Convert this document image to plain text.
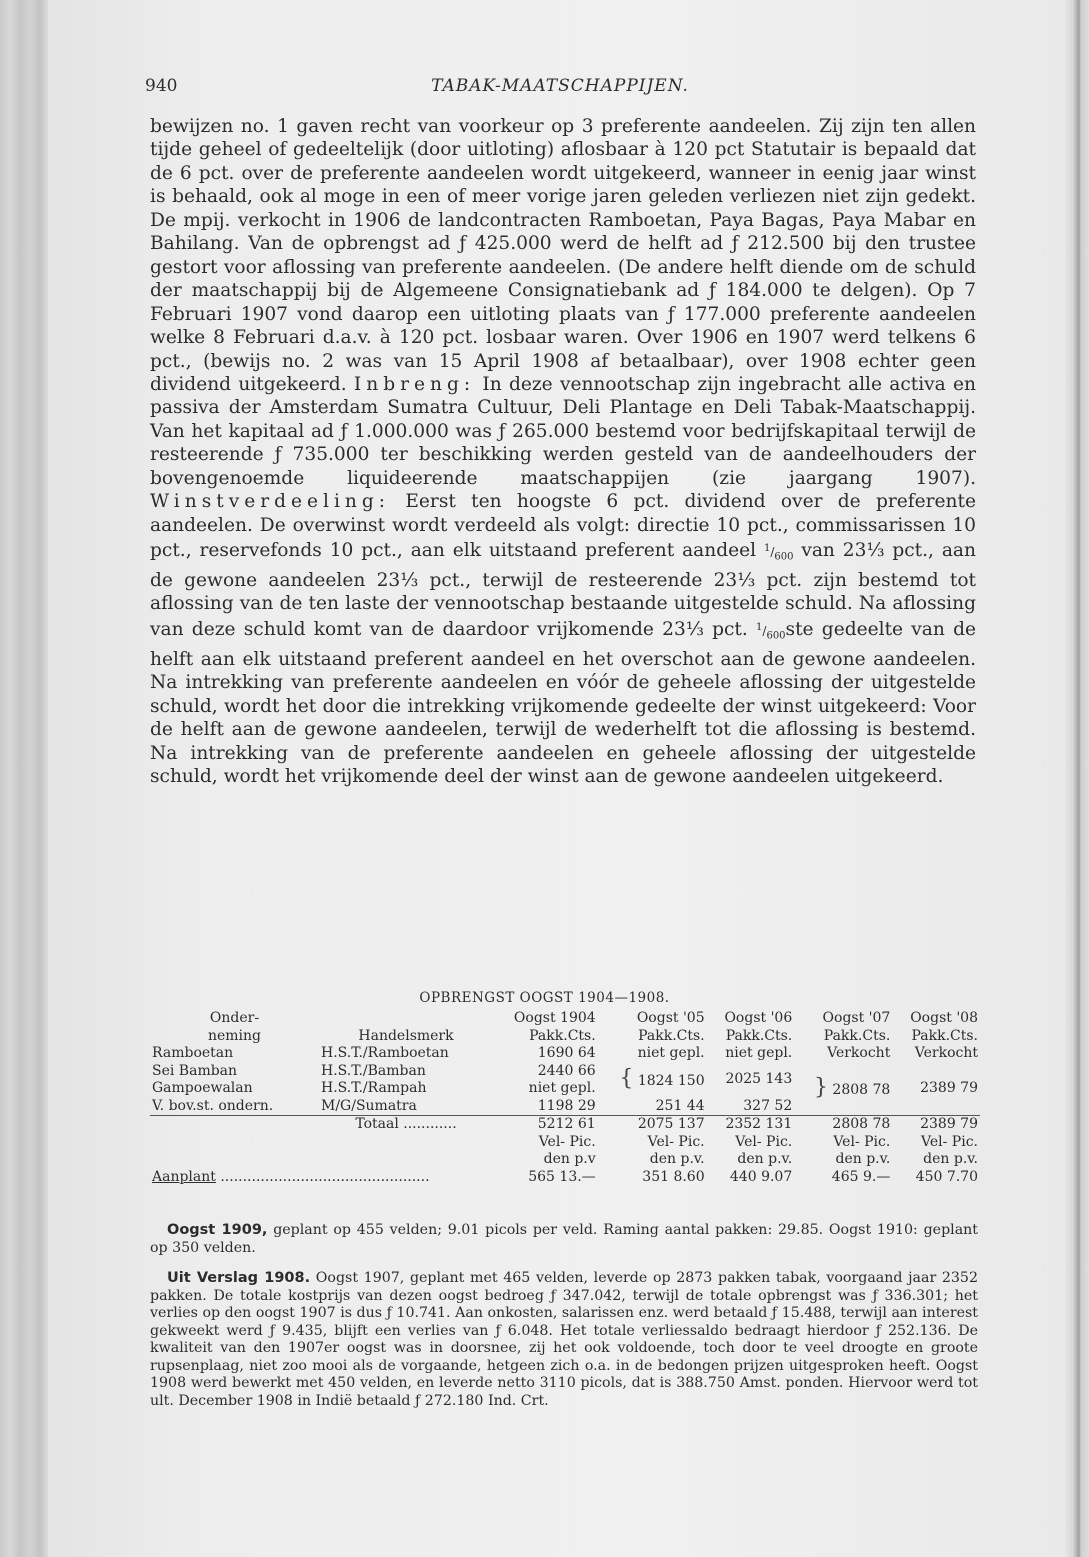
940	TABAK-MAATSCHAPPIJEN.

bewijzen no. 1 gaven recht van voorkeur op 3 preferente aandeelen. Zij zijn ten allen tijde geheel of gedeeltelijk (door uitloting) aflosbaar à 120 pct Statutair is bepaald dat de 6 pct. over de preferente aandeelen wordt uitgekeerd, wanneer in eenig jaar winst is behaald, ook al moge in een of meer vorige jaren geleden verliezen niet zijn gedekt. De mpij. verkocht in 1906 de landcontracten Ramboetan, Paya Bagas, Paya Mabar en Bahilang. Van de opbrengst ad ƒ 425.000 werd de helft ad ƒ 212.500 bij den trustee gestort voor aflossing van preferente aandeelen. (De andere helft diende om de schuld der maatschappij bij de Algemeene Consignatiebank ad ƒ 184.000 te delgen). Op 7 Februari 1907 vond daarop een uitloting plaats van ƒ 177.000 preferente aandeelen welke 8 Februari d.a.v. à 120 pct. losbaar waren. Over 1906 en 1907 werd telkens 6 pct., (bewijs no. 2 was van 15 April 1908 af betaalbaar), over 1908 echter geen dividend uitgekeerd. Inbreng: In deze vennootschap zijn ingebracht alle activa en passiva der Amsterdam Sumatra Cultuur, Deli Plantage en Deli Tabak-Maatschappij. Van het kapitaal ad ƒ 1.000.000 was ƒ 265.000 bestemd voor bedrijfskapitaal terwijl de resteerende ƒ 735.000 ter beschikking werden gesteld van de aandeelhouders der bovengenoemde liquideerende maatschappijen (zie jaargang 1907). Winstverdeeling: Eerst ten hoogste 6 pct. dividend over de preferente aandeelen. De overwinst wordt verdeeld als volgt: directie 10 pct., commissarissen 10 pct., reservefonds 10 pct., aan elk uitstaand preferent aandeel $^1/_{600}$ van 23⅓ pct., aan de gewone aandeelen 23⅓ pct., terwijl de resteerende 23⅓ pct. zijn bestemd tot aflossing van de ten laste der vennootschap bestaande uitgestelde schuld. Na aflossing van deze schuld komt van de daardoor vrijkomende 23⅓ pct. $^1/_{600}ste$ gedeelte van de helft aan elk uitstaand preferent aandeel en het overschot aan de gewone aandeelen. Na intrekking van preferente aandeelen en vóór de geheele aflossing der uitgestelde schuld, wordt het door die intrekking vrijkomende gedeelte der winst uitgekeerd: Voor de helft aan de gewone aandeelen, terwijl de wederhelft tot die aflossing is bestemd. Na intrekking van de preferente aandeelen en geheele aflossing der uitgestelde schuld, wordt het vrijkomende deel der winst aan de gewone aandeelen uitgekeerd.

OPBRENGST OOGST 1904—1908.
Onder-		Oogst 1904	Oogst '05	Oogst '06	Oogst '07	Oogst '08
neming	Handelsmerk	Pakk.Cts.	Pakk.Cts.	Pakk.Cts.	Pakk.Cts.	Pakk.Cts.
Ramboetan	H.S.T./Ramboetan	1690 64	niet gepl.	niet gepl.	Verkocht	Verkocht
Sei Bamban	H.S.T./Bamban	2440 66	{ 1824 150	2025 143	} 2808 78	2389 79
Gampoewalan	H.S.T./Rampah	niet gepl.				
V. bov.st. ondern.	M/G/Sumatra	1198 29	251 44	327 52		

	Totaal ............	5212 61	2075 137	2352 131	2808 78	2389 79
		Vel- Pic.	Vel- Pic.	Vel- Pic.	Vel- Pic.	Vel- Pic.
		den p.v	den p.v.	den p.v.	den p.v.	den p.v.
Aanplant ...............................................		565 13.—	351 8.60	440 9.07	465 9.—	450 7.70

Oogst 1909, geplant op 455 velden; 9.01 picols per veld. Raming aantal pakken: 29.85. Oogst 1910: geplant op 350 velden.

Uit Verslag 1908. Oogst 1907, geplant met 465 velden, leverde op 2873 pakken tabak, voorgaand jaar 2352 pakken. De totale kostprijs van dezen oogst bedroeg ƒ 347.042, terwijl de totale opbrengst was ƒ 336.301; het verlies op den oogst 1907 is dus ƒ 10.741. Aan onkosten, salarissen enz. werd betaald ƒ 15.488, terwijl aan interest gekweekt werd ƒ 9.435, blijft een verlies van ƒ 6.048. Het totale verliessaldo bedraagt hierdoor ƒ 252.136. De kwaliteit van den 1907er oogst was in doorsnee, zij het ook voldoende, toch door te veel droogte en groote rupsenplaag, niet zoo mooi als de vorgaande, hetgeen zich o.a. in de bedongen prijzen uitgesproken heeft. Oogst 1908 werd bewerkt met 450 velden, en leverde netto 3110 picols, dat is 388.750 Amst. ponden. Hiervoor werd tot ult. December 1908 in Indië betaald ƒ 272.180 Ind. Crt.
